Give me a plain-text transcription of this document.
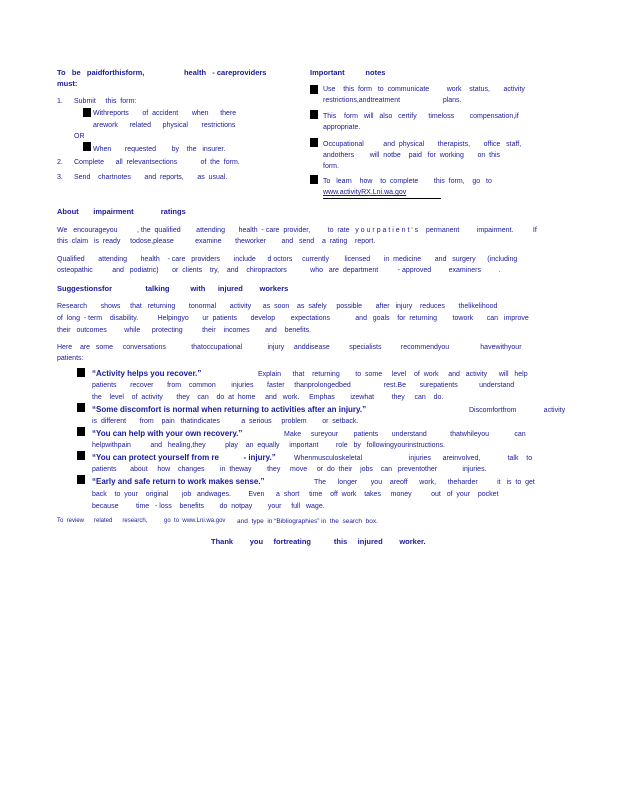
To   be   paidforthisform,                   health   - careproviders
must:
1. Submit     this  form:
Withreports       of  accident       when      there
arework      related      physical       restrictions
OR
When       requested        by    the   insurer.
2. Complete      all  relevantsections            of  the  form.
3. Send    chartnotes       and  reports,       as  usual.
Important          notes
Use    this  form   to  communicate         work    status,       activity
restrictions,andtreatment                      plans.
This    form   will   also   certify      timeloss        compensation,if
appropriate.
Occupational          and  physical       therapists,       office   staff,
andothers        will  notbe    paid   for  working       on  this
form.
To   learn    how    to  complete        this  form,    go   to
www.activityRX.Lni.wa.gov
About       impairment             ratings
We   encourageyou          , the  qualified        attending       health  - care  provider,         to  rate   y o u r p a t i e n t ' s    permanent         impairment.          If
this  claim   is  ready     todose,please           examine       theworker        and   send    a  rating    report.
Qualified       attending       health    - care   providers       include      d octors     currently        licensed       in  medicine       and   surgery      (including
osteopathic          and   podiatric)       or  clients    try,    and    chiropractors            who   are  department          - approved         examiners         .
Suggestionsfor                talking          with      injured        workers
Research       shows     that   returning       tonormal       activity      as  soon    as  safely     possible       after   injury    reduces       thelikelihood
of  long  - term    disability.          Helpingyo       ur  patients       develop        expectations             and   goals    for  returning        towork       can   improve
their   outcomes         while      protecting          their    incomes        and    benefits.
Here    are   some     conversations             thatoccupational             injury     anddisease          specialists          recommendyou                havewithyour
patients:
“Activity helps you recover.”	Explain      that    returning        to  some     level    of  work     and   activity      will   help
patients       recover       from    common        injuries       faster     thanprolongedbed                 rest.Be       surepatients           understand
the    level    of  activity       they    can    do  at  home     and   work.     Emphas        izewhat         they     can    do.
“Some discomfort is normal when returning to activities after an injury.”	Discomfortfrom              activity
is  different       from    pain   thatindicates           a  serious     problem        or  setback.
“You can help with your own recovery.”	Make     sureyour        patients       understand            thatwhileyou             can
helpwithpain          and   healing,they          play    an  equally     important         role   by   followingyourinstructions.
“You can protect yourself from re           - injury.”	Whenmusculoskeletal                        injuries      areinvolved,              talk    to
patients       about     how    changes        in  theway        they     move     or  do  their    jobs    can   preventother             injuries.
“Early and safe return to work makes sense.”	The      longer       you    areoff      work,      theharder          it   is  to  get
back    to  your    original       job   andwages.         Even      a  short     time    off  work    takes     money          out   of  your    pocket
because         time   - loss    benefits        do  notpay        your     full   wage.
To  review      related      research,          go  to  www.Lni.wa.gov and  type  in “Bibliographies” in  the  search  box.
Thank        you     fortreating           this     injured        worker.
